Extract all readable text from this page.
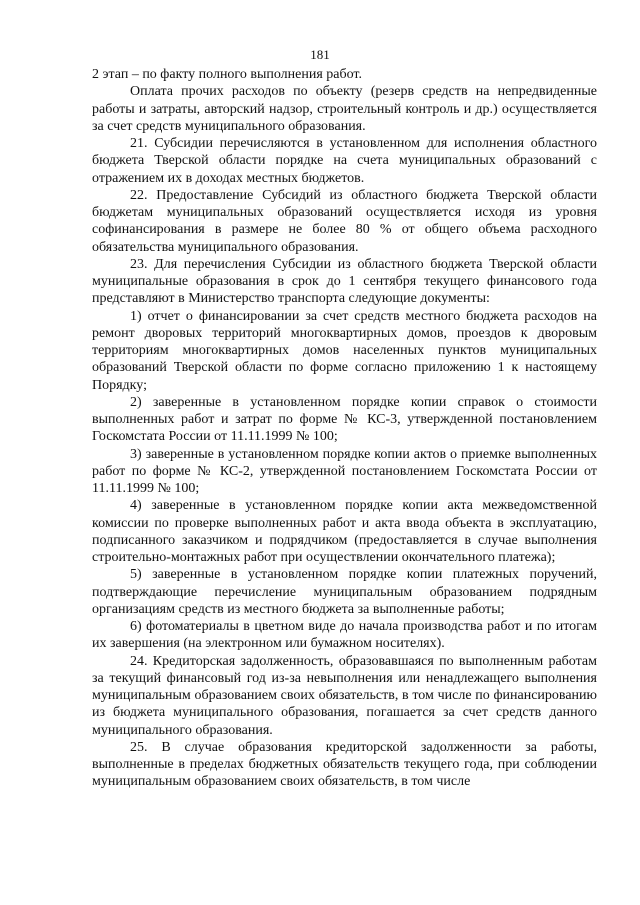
181

2 этап – по факту полного выполнения работ.

Оплата прочих расходов по объекту (резерв средств на непредвиденные работы и затраты, авторский надзор, строительный контроль и др.) осуществляется за счет средств муниципального образования.

21. Субсидии перечисляются в установленном для исполнения областного бюджета Тверской области порядке на счета муниципальных образований с отражением их в доходах местных бюджетов.

22. Предоставление Субсидий из областного бюджета Тверской области бюджетам муниципальных образований осуществляется исходя из уровня софинансирования в размере не более 80 % от общего объема расходного обязательства муниципального образования.

23. Для перечисления Субсидии из областного бюджета Тверской области муниципальные образования в срок до 1 сентября текущего финансового года представляют в Министерство транспорта следующие документы:

1) отчет о финансировании за счет средств местного бюджета расходов на ремонт дворовых территорий многоквартирных домов, проездов к дворовым территориям многоквартирных домов населенных пунктов муниципальных образований Тверской области по форме согласно приложению 1 к настоящему Порядку;

2) заверенные в установленном порядке копии справок о стоимости выполненных работ и затрат по форме № КС-3, утвержденной постановлением Госкомстата России от 11.11.1999 № 100;

3) заверенные в установленном порядке копии актов о приемке выполненных работ по форме № КС-2, утвержденной постановлением Госкомстата России от 11.11.1999 № 100;

4) заверенные в установленном порядке копии акта межведомственной комиссии по проверке выполненных работ и акта ввода объекта в эксплуатацию, подписанного заказчиком и подрядчиком (предоставляется в случае выполнения строительно-монтажных работ при осуществлении окончательного платежа);

5) заверенные в установленном порядке копии платежных поручений, подтверждающие перечисление муниципальным образованием подрядным организациям средств из местного бюджета за выполненные работы;

6) фотоматериалы в цветном виде до начала производства работ и по итогам их завершения (на электронном или бумажном носителях).

24. Кредиторская задолженность, образовавшаяся по выполненным работам за текущий финансовый год из-за невыполнения или ненадлежащего выполнения муниципальным образованием своих обязательств, в том числе по финансированию из бюджета муниципального образования, погашается за счет средств данного муниципального образования.

25. В случае образования кредиторской задолженности за работы, выполненные в пределах бюджетных обязательств текущего года, при соблюдении муниципальным образованием своих обязательств, в том числе
